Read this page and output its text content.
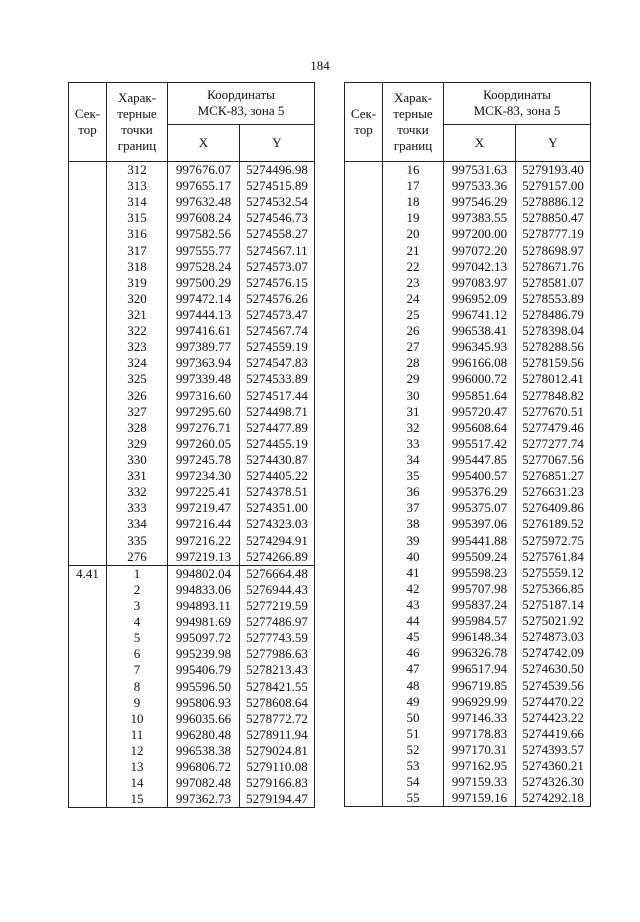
184
Сек-
тор	Харак-
терные
точки
границ	Координаты
МСК-83, зона 5	
		X	Y
	312	997676.07	5274496.98
	313	997655.17	5274515.89
	314	997632.48	5274532.54
	315	997608.24	5274546.73
	316	997582.56	5274558.27
	317	997555.77	5274567.11
	318	997528.24	5274573.07
	319	997500.29	5274576.15
	320	997472.14	5274576.26
	321	997444.13	5274573.47
	322	997416.61	5274567.74
	323	997389.77	5274559.19
	324	997363.94	5274547.83
	325	997339.48	5274533.89
	326	997316.60	5274517.44
	327	997295.60	5274498.71
	328	997276.71	5274477.89
	329	997260.05	5274455.19
	330	997245.78	5274430.87
	331	997234.30	5274405.22
	332	997225.41	5274378.51
	333	997219.47	5274351.00
	334	997216.44	5274323.03
	335	997216.22	5274294.91
	276	997219.13	5274266.89
4.41	1	994802.04	5276664.48
	2	994833.06	5276944.43
	3	994893.11	5277219.59
	4	994981.69	5277486.97
	5	995097.72	5277743.59
	6	995239.98	5277986.63
	7	995406.79	5278213.43
	8	995596.50	5278421.55
	9	995806.93	5278608.64
	10	996035.66	5278772.72
	11	996280.48	5278911.94
	12	996538.38	5279024.81
	13	996806.72	5279110.08
	14	997082.48	5279166.83
	15	997362.73	5279194.47
Сек-
тор	Харак-
терные
точки
границ	Координаты
МСК-83, зона 5	
		X	Y
	16	997531.63	5279193.40
	17	997533.36	5279157.00
	18	997546.29	5278886.12
	19	997383.55	5278850.47
	20	997200.00	5278777.19
	21	997072.20	5278698.97
	22	997042.13	5278671.76
	23	997083.97	5278581.07
	24	996952.09	5278553.89
	25	996741.12	5278486.79
	26	996538.41	5278398.04
	27	996345.93	5278288.56
	28	996166.08	5278159.56
	29	996000.72	5278012.41
	30	995851.64	5277848.82
	31	995720.47	5277670.51
	32	995608.64	5277479.46
	33	995517.42	5277277.74
	34	995447.85	5277067.56
	35	995400.57	5276851.27
	36	995376.29	5276631.23
	37	995375.07	5276409.86
	38	995397.06	5276189.52
	39	995441.88	5275972.75
	40	995509.24	5275761.84
	41	995598.23	5275559.12
	42	995707.98	5275366.85
	43	995837.24	5275187.14
	44	995984.57	5275021.92
	45	996148.34	5274873.03
	46	996326.78	5274742.09
	47	996517.94	5274630.50
	48	996719.85	5274539.56
	49	996929.99	5274470.22
	50	997146.33	5274423.22
	51	997178.83	5274419.66
	52	997170.31	5274393.57
	53	997162.95	5274360.21
	54	997159.33	5274326.30
	55	997159.16	5274292.18
